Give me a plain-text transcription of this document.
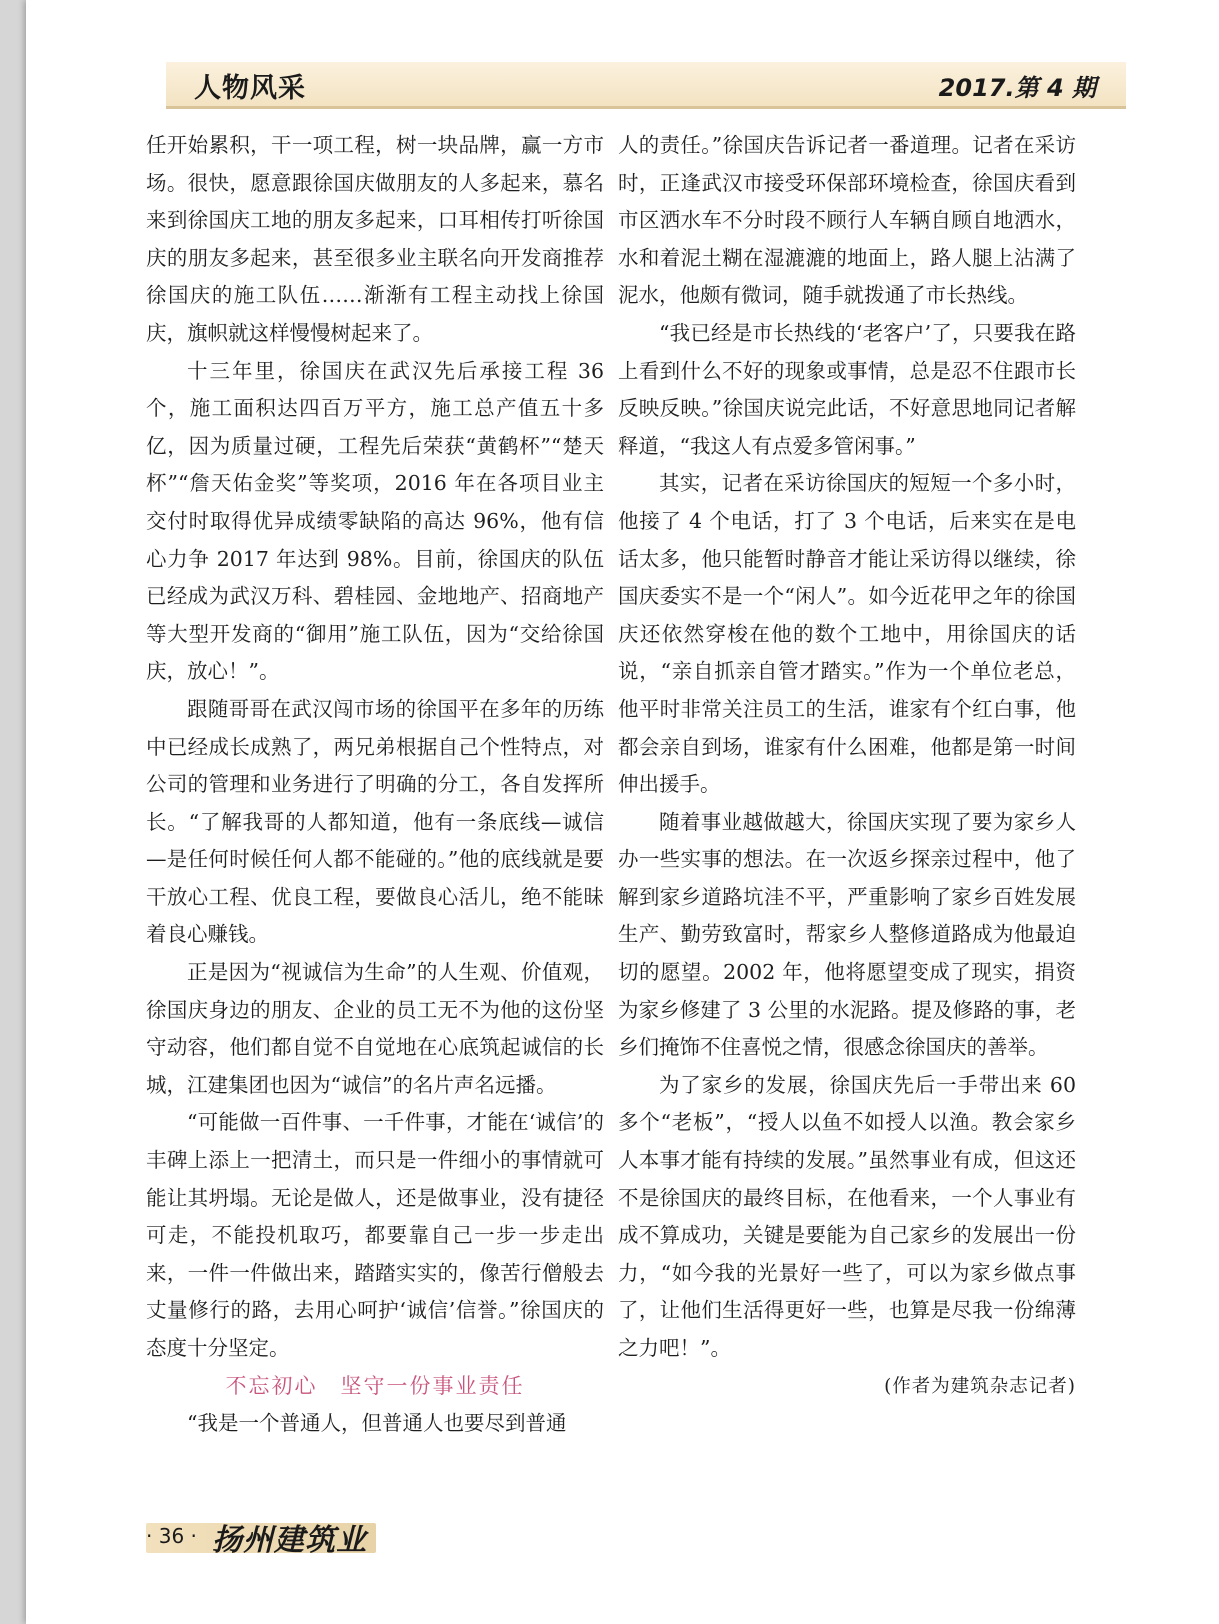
人物风采	2017.第 4 期

任开始累积，干一项工程，树一块品牌，赢一方市场。很快，愿意跟徐国庆做朋友的人多起来，慕名来到徐国庆工地的朋友多起来，口耳相传打听徐国庆的朋友多起来，甚至很多业主联名向开发商推荐徐国庆的施工队伍……渐渐有工程主动找上徐国庆，旗帜就这样慢慢树起来了。

十三年里，徐国庆在武汉先后承接工程 36 个，施工面积达四百万平方，施工总产值五十多亿，因为质量过硬，工程先后荣获“黄鹤杯”“楚天杯”“詹天佑金奖”等奖项，2016 年在各项目业主交付时取得优异成绩零缺陷的高达 96%，他有信心力争 2017 年达到 98%。目前，徐国庆的队伍已经成为武汉万科、碧桂园、金地地产、招商地产等大型开发商的“御用”施工队伍，因为“交给徐国庆，放心！”。

跟随哥哥在武汉闯市场的徐国平在多年的历练中已经成长成熟了，两兄弟根据自己个性特点，对公司的管理和业务进行了明确的分工，各自发挥所长。“了解我哥的人都知道，他有一条底线—诚信—是任何时候任何人都不能碰的。”他的底线就是要干放心工程、优良工程，要做良心活儿，绝不能昧着良心赚钱。

正是因为“视诚信为生命”的人生观、价值观，徐国庆身边的朋友、企业的员工无不为他的这份坚守动容，他们都自觉不自觉地在心底筑起诚信的长城，江建集团也因为“诚信”的名片声名远播。

“可能做一百件事、一千件事，才能在‘诚信’的丰碑上添上一把清土，而只是一件细小的事情就可能让其坍塌。无论是做人，还是做事业，没有捷径可走，不能投机取巧，都要靠自己一步一步走出来，一件一件做出来，踏踏实实的，像苦行僧般去丈量修行的路，去用心呵护‘诚信’信誉。”徐国庆的态度十分坚定。

不忘初心　坚守一份事业责任

“我是一个普通人，但普通人也要尽到普通

人的责任。”徐国庆告诉记者一番道理。记者在采访时，正逢武汉市接受环保部环境检查，徐国庆看到市区洒水车不分时段不顾行人车辆自顾自地洒水，水和着泥土糊在湿漉漉的地面上，路人腿上沾满了泥水，他颇有微词，随手就拨通了市长热线。

“我已经是市长热线的‘老客户’了，只要我在路上看到什么不好的现象或事情，总是忍不住跟市长反映反映。”徐国庆说完此话，不好意思地同记者解释道，“我这人有点爱多管闲事。”

其实，记者在采访徐国庆的短短一个多小时，他接了 4 个电话，打了 3 个电话，后来实在是电话太多，他只能暂时静音才能让采访得以继续，徐国庆委实不是一个“闲人”。如今近花甲之年的徐国庆还依然穿梭在他的数个工地中，用徐国庆的话说，“亲自抓亲自管才踏实。”作为一个单位老总，他平时非常关注员工的生活，谁家有个红白事，他都会亲自到场，谁家有什么困难，他都是第一时间伸出援手。

随着事业越做越大，徐国庆实现了要为家乡人办一些实事的想法。在一次返乡探亲过程中，他了解到家乡道路坑洼不平，严重影响了家乡百姓发展生产、勤劳致富时，帮家乡人整修道路成为他最迫切的愿望。2002 年，他将愿望变成了现实，捐资为家乡修建了 3 公里的水泥路。提及修路的事，老乡们掩饰不住喜悦之情，很感念徐国庆的善举。

为了家乡的发展，徐国庆先后一手带出来 60 多个“老板”，“授人以鱼不如授人以渔。教会家乡人本事才能有持续的发展。”虽然事业有成，但这还不是徐国庆的最终目标，在他看来，一个人事业有成不算成功，关键是要能为自己家乡的发展出一份力，“如今我的光景好一些了，可以为家乡做点事了，让他们生活得更好一些，也算是尽我一份绵薄之力吧！”。

(作者为建筑杂志记者)

· 36 · 扬州建筑业
